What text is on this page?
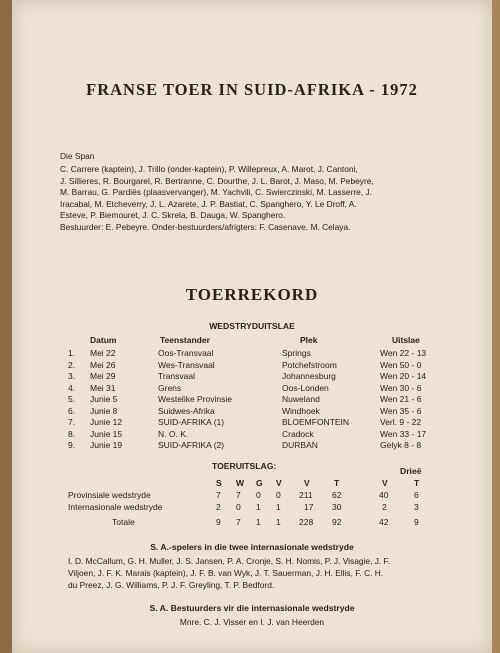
FRANSE TOER IN SUID-AFRIKA - 1972
Die Span
C. Carrere (kaptein), J. Trillo (onder-kaptein), P. Willepreux, A. Marot, J. Cantoni,
J. Sillieres, R. Bourgarel, R. Bertranne, C. Dourthe, J. L. Barot, J. Maso, M. Pebeyre,
M. Barrau, G. Pardiës (plaasvervanger), M. Yachvili, C. Swierczinski, M. Lasserre, J.
Iracabal, M. Etcheverry, J. L. Azarete, J. P. Bastiat, C. Spanghero, Y. Le Droff, A.
Esteve, P. Biemouret, J. C. Skrela, B. Dauga, W. Spanghero.
Bestuurder: E. Pebeyre. Onder-bestuurders/afrigters: F. Casenave, M. Celaya.
TOERREKORD
WEDSTRYDUITSLAE
Datum	Teenstander	Plek	Uitslae
1. Mei 22	Oos-Transvaal	Springs	Wen 22 - 13
2. Mei 26	Wes-Transvaal	Potchefstroom	Wen 50 - 0
3. Mei 29	Transvaal	Johannesburg	Wen 20 - 14
4. Mei 31	Grens	Oos-Londen	Wen 30 - 6
5. Junie 5	Westelike Provinsie	Nuweland	Wen 21 - 6
6. Junie 8	Suidwes-Afrika	Windhoek	Wen 35 - 6
7. Junie 12	SUID-AFRIKA (1)	BLOEMFONTEIN	Verl. 9 - 22
8. Junie 15	N. O. K.	Cradock	Wen 33 - 17
9. Junie 19	SUID-AFRIKA (2)	DURBAN	Gelyk 8 - 8
TOERUITSLAG:	Drieë
S W G V	V	T	V	T
Provinsiale wedstryde	7 7 0 0 211 62	40	6
Internasionale wedstryde	2 0 1 1	17 30	2	3
Totale	9 7 1 1 228 92	42	9
S. A.-spelers in die twee internasionale wedstryde
I. D. McCallum, G. H. Muller, J. S. Jansen, P. A. Cronje, S. H. Nomis, P. J. Visagie, J. F.
Viljoen, J. F. K. Marais (kaptein), J. F. B. van Wyk, J. T. Sauerman, J. H. Ellis, F. C. H.
du Preez, J. G. Williams, P. J. F. Greyling, T. P. Bedford.
S. A. Bestuurders vir die internasionale wedstryde
Mnre. C. J. Visser en I. J. van Heerden
